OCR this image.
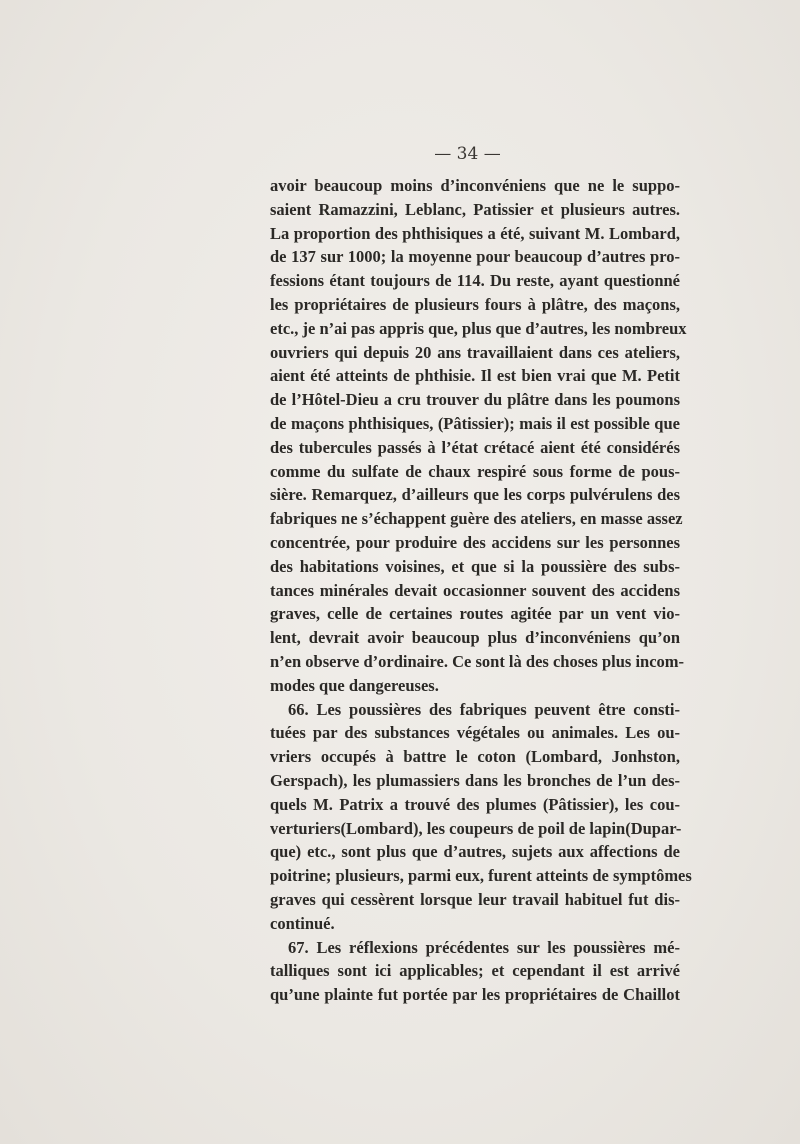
— 34 —
avoir beaucoup moins d’inconvéniens que ne le suppo-
saient Ramazzini, Leblanc, Patissier et plusieurs autres.
La proportion des phthisiques a été, suivant M. Lombard,
de 137 sur 1000; la moyenne pour beaucoup d’autres pro-
fessions étant toujours de 114. Du reste, ayant questionné
les propriétaires de plusieurs fours à plâtre, des maçons,
etc., je n’ai pas appris que, plus que d’autres, les nombreux
ouvriers qui depuis 20 ans travaillaient dans ces ateliers,
aient été atteints de phthisie. Il est bien vrai que M. Petit
de l’Hôtel-Dieu a cru trouver du plâtre dans les poumons
de maçons phthisiques, (Pâtissier); mais il est possible que
des tubercules passés à l’état crétacé aient été considérés
comme du sulfate de chaux respiré sous forme de pous-
sière. Remarquez, d’ailleurs que les corps pulvérulens des
fabriques ne s’échappent guère des ateliers, en masse assez
concentrée, pour produire des accidens sur les personnes
des habitations voisines, et que si la poussière des subs-
tances minérales devait occasionner souvent des accidens
graves, celle de certaines routes agitée par un vent vio-
lent, devrait avoir beaucoup plus d’inconvéniens qu’on
n’en observe d’ordinaire. Ce sont là des choses plus incom-
modes que dangereuses.
66. Les poussières des fabriques peuvent être consti-
tuées par des substances végétales ou animales. Les ou-
vriers occupés à battre le coton (Lombard, Jonhston,
Gerspach), les plumassiers dans les bronches de l’un des-
quels M. Patrix a trouvé des plumes (Pâtissier), les cou-
verturiers(Lombard), les coupeurs de poil de lapin(Dupar-
que) etc., sont plus que d’autres, sujets aux affections de
poitrine; plusieurs, parmi eux, furent atteints de symptômes
graves qui cessèrent lorsque leur travail habituel fut dis-
continué.
67. Les réflexions précédentes sur les poussières mé-
talliques sont ici applicables; et cependant il est arrivé
qu’une plainte fut portée par les propriétaires de Chaillot
